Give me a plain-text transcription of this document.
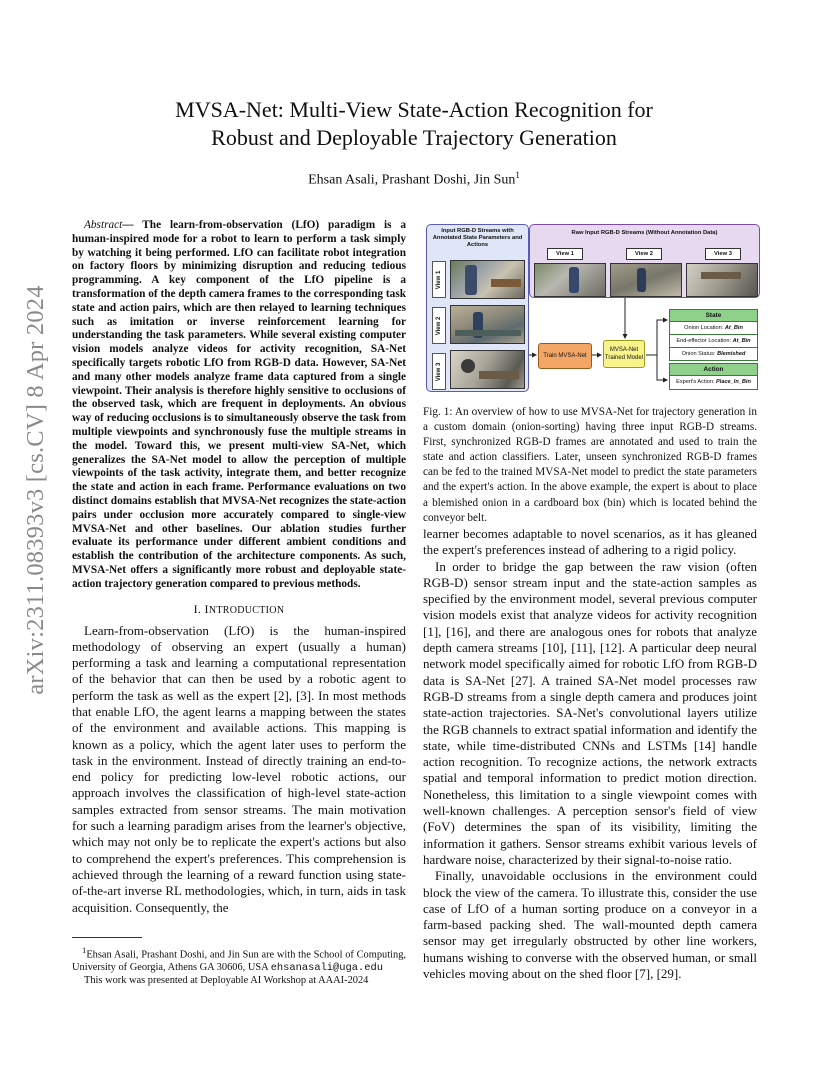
arXiv:2311.08393v3 [cs.CV] 8 Apr 2024
MVSA-Net: Multi-View State-Action Recognition for
Robust and Deployable Trajectory Generation
Ehsan Asali, Prashant Doshi, Jin Sun$^1$

Abstract— The learn-from-observation (LfO) paradigm is a human-inspired mode for a robot to learn to perform a task simply by watching it being performed. LfO can facilitate robot integration on factory floors by minimizing disruption and reducing tedious programming. A key component of the LfO pipeline is a transformation of the depth camera frames to the corresponding task state and action pairs, which are then relayed to learning techniques such as imitation or inverse reinforcement learning for understanding the task parameters. While several existing computer vision models analyze videos for activity recognition, SA-Net specifically targets robotic LfO from RGB-D data. However, SA-Net and many other models analyze frame data captured from a single viewpoint. Their analysis is therefore highly sensitive to occlusions of the observed task, which are frequent in deployments. An obvious way of reducing occlusions is to simultaneously observe the task from multiple viewpoints and synchronously fuse the multiple streams in the model. Toward this, we present multi-view SA-Net, which generalizes the SA-Net model to allow the perception of multiple viewpoints of the task activity, integrate them, and better recognize the state and action in each frame. Performance evaluations on two distinct domains establish that MVSA-Net recognizes the state-action pairs under occlusion more accurately compared to single-view MVSA-Net and other baselines. Our ablation studies further evaluate its performance under different ambient conditions and establish the contribution of the architecture components. As such, MVSA-Net offers a significantly more robust and deployable state-action trajectory generation compared to previous methods.

I. INTRODUCTION

Learn-from-observation (LfO) is the human-inspired methodology of observing an expert (usually a human) performing a task and learning a computational representation of the behavior that can then be used by a robotic agent to perform the task as well as the expert [2], [3]. In most methods that enable LfO, the agent learns a mapping between the states of the environment and available actions. This mapping is known as a policy, which the agent later uses to perform the task in the environment. Instead of directly training an end-to-end policy for predicting low-level robotic actions, our approach involves the classification of high-level state-action samples extracted from sensor streams. The main motivation for such a learning paradigm arises from the learner's objective, which may not only be to replicate the expert's actions but also to comprehend the expert's preferences. This comprehension is achieved through the learning of a reward function using state-of-the-art inverse RL methodologies, which, in turn, aids in task acquisition. Consequently, the

$^1$Ehsan Asali, Prashant Doshi, and Jin Sun are with the School of Computing, University of Georgia, Athens GA 30606, USA ehsanasali@uga.edu

This work was presented at Deployable AI Workshop at AAAI-2024

Input RGB-D Streams with Annotated State Parameters and Actions
View 1
View 2
View 3
Raw Input RGB-D Streams (Without Annotation Data)
View 1	View 2	View 3
Train MVSA-Net
MVSA-Net
Trained Model
State
Onion Location: At_Bin
End-effector Location: At_Bin
Onion Status: Blemished
Action
Expert's Action: Place_In_Bin

Fig. 1: An overview of how to use MVSA-Net for trajectory generation in a custom domain (onion-sorting) having three input RGB-D streams. First, synchronized RGB-D frames are annotated and used to train the state and action classifiers. Later, unseen synchronized RGB-D frames can be fed to the trained MVSA-Net model to predict the state parameters and the expert's action. In the above example, the expert is about to place a blemished onion in a cardboard box (bin) which is located behind the conveyor belt.

learner becomes adaptable to novel scenarios, as it has gleaned the expert's preferences instead of adhering to a rigid policy.

In order to bridge the gap between the raw vision (often RGB-D) sensor stream input and the state-action samples as specified by the environment model, several previous computer vision models exist that analyze videos for activity recognition [1], [16], and there are analogous ones for robots that analyze depth camera streams [10], [11], [12]. A particular deep neural network model specifically aimed for robotic LfO from RGB-D data is SA-Net [27]. A trained SA-Net model processes raw RGB-D streams from a single depth camera and produces joint state-action trajectories. SA-Net's convolutional layers utilize the RGB channels to extract spatial information and identify the state, while time-distributed CNNs and LSTMs [14] handle action recognition. To recognize actions, the network extracts spatial and temporal information to predict motion direction. Nonetheless, this limitation to a single viewpoint comes with well-known challenges. A perception sensor's field of view (FoV) determines the span of its visibility, limiting the information it gathers. Sensor streams exhibit various levels of hardware noise, characterized by their signal-to-noise ratio.

Finally, unavoidable occlusions in the environment could block the view of the camera. To illustrate this, consider the use case of LfO of a human sorting produce on a conveyor in a farm-based packing shed. The wall-mounted depth camera sensor may get irregularly obstructed by other line workers, humans wishing to converse with the observed human, or small vehicles moving about on the shed floor [7], [29].
